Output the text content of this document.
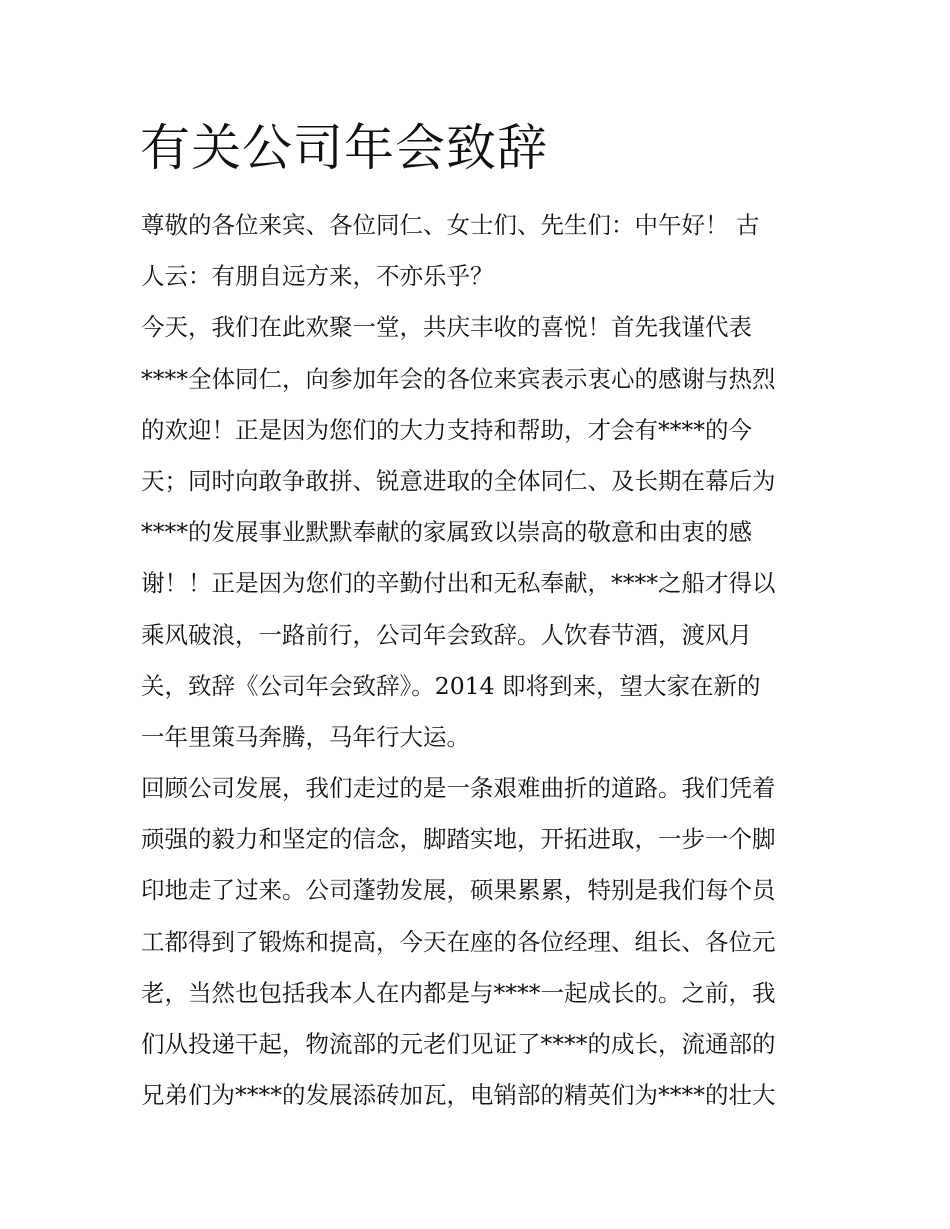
有关公司年会致辞
尊敬的各位来宾、各位同仁、女士们、先生们：中午好！ 古
人云：有朋自远方来，不亦乐乎？
今天，我们在此欢聚一堂，共庆丰收的喜悦！首先我谨代表
****全体同仁，向参加年会的各位来宾表示衷心的感谢与热烈
的欢迎！正是因为您们的大力支持和帮助，才会有****的今
天；同时向敢争敢拼、锐意进取的全体同仁、及长期在幕后为
****的发展事业默默奉献的家属致以崇高的敬意和由衷的感
谢！！正是因为您们的辛勤付出和无私奉献，****之船才得以
乘风破浪，一路前行，公司年会致辞。人饮春节酒，渡风月
关，致辞《公司年会致辞》。2014 即将到来，望大家在新的
一年里策马奔腾，马年行大运。
回顾公司发展，我们走过的是一条艰难曲折的道路。我们凭着
顽强的毅力和坚定的信念，脚踏实地，开拓进取，一步一个脚
印地走了过来。公司蓬勃发展，硕果累累，特别是我们每个员
工都得到了锻炼和提高，今天在座的各位经理、组长、各位元
老，当然也包括我本人在内都是与****一起成长的。之前，我
们从投递干起，物流部的元老们见证了****的成长，流通部的
兄弟们为****的发展添砖加瓦，电销部的精英们为****的壮大
